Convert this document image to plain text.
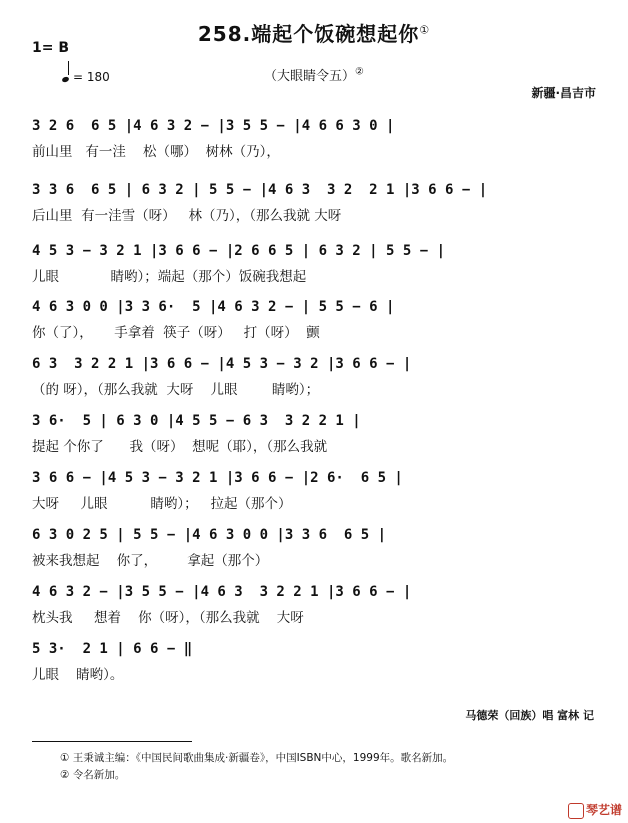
258.端起个饭碗想起你①
1= B
= 180	（大眼睛令五）②
新疆·昌吉市
3 2 6  6 5 |4 6 3 2 − |3 5 5 − |4 6 6 3 0 |
前山里   有一洼    松（哪）  树林（乃），
3 3 6  6 5 | 6 3 2 | 5 5 − |4 6 3  3 2  2 1 |3 6 6 − |
后山里  有一洼雪（呀）   林（乃），（那么我就 大呀
4 5 3 − 3 2 1 |3 6 6 − |2 6 6 5 | 6 3 2 | 5 5 − |
儿眼            睛哟）；端起（那个）饭碗我想起
4 6 3 0 0 |3 3 6·  5 |4 6 3 2 − | 5 5 − 6 |
你（了），     手拿着  筷子（呀）   打（呀）  颤
6 3  3 2 2 1 |3 6 6 − |4 5 3 − 3 2 |3 6 6 − |
（的 呀），（那么我就  大呀    儿眼        睛哟）；
3 6·  5 | 6 3 0 |4 5 5 − 6 3  3 2 2 1 |
提起 个你了      我（呀）  想呢（耶），（那么我就
3 6 6 − |4 5 3 − 3 2 1 |3 6 6 − |2 6·  6 5 |
大呀     儿眼          睛哟）；   拉起（那个）
6 3 0 2 5 | 5 5 − |4 6 3 0 0 |3 3 6  6 5 |
被来我想起    你了，       拿起（那个）
4 6 3 2 − |3 5 5 − |4 6 3  3 2 2 1 |3 6 6 − |
枕头我     想着    你（呀），（那么我就    大呀
5 3·  2 1 | 6 6 − ‖
儿眼    睛哟）。
马德荣（回族）唱 富林 记
① 王秉诚主编：《中国民间歌曲集成·新疆卷》，中国ISBN中心，1999年。歌名新加。
② 令名新加。
琴艺谱
